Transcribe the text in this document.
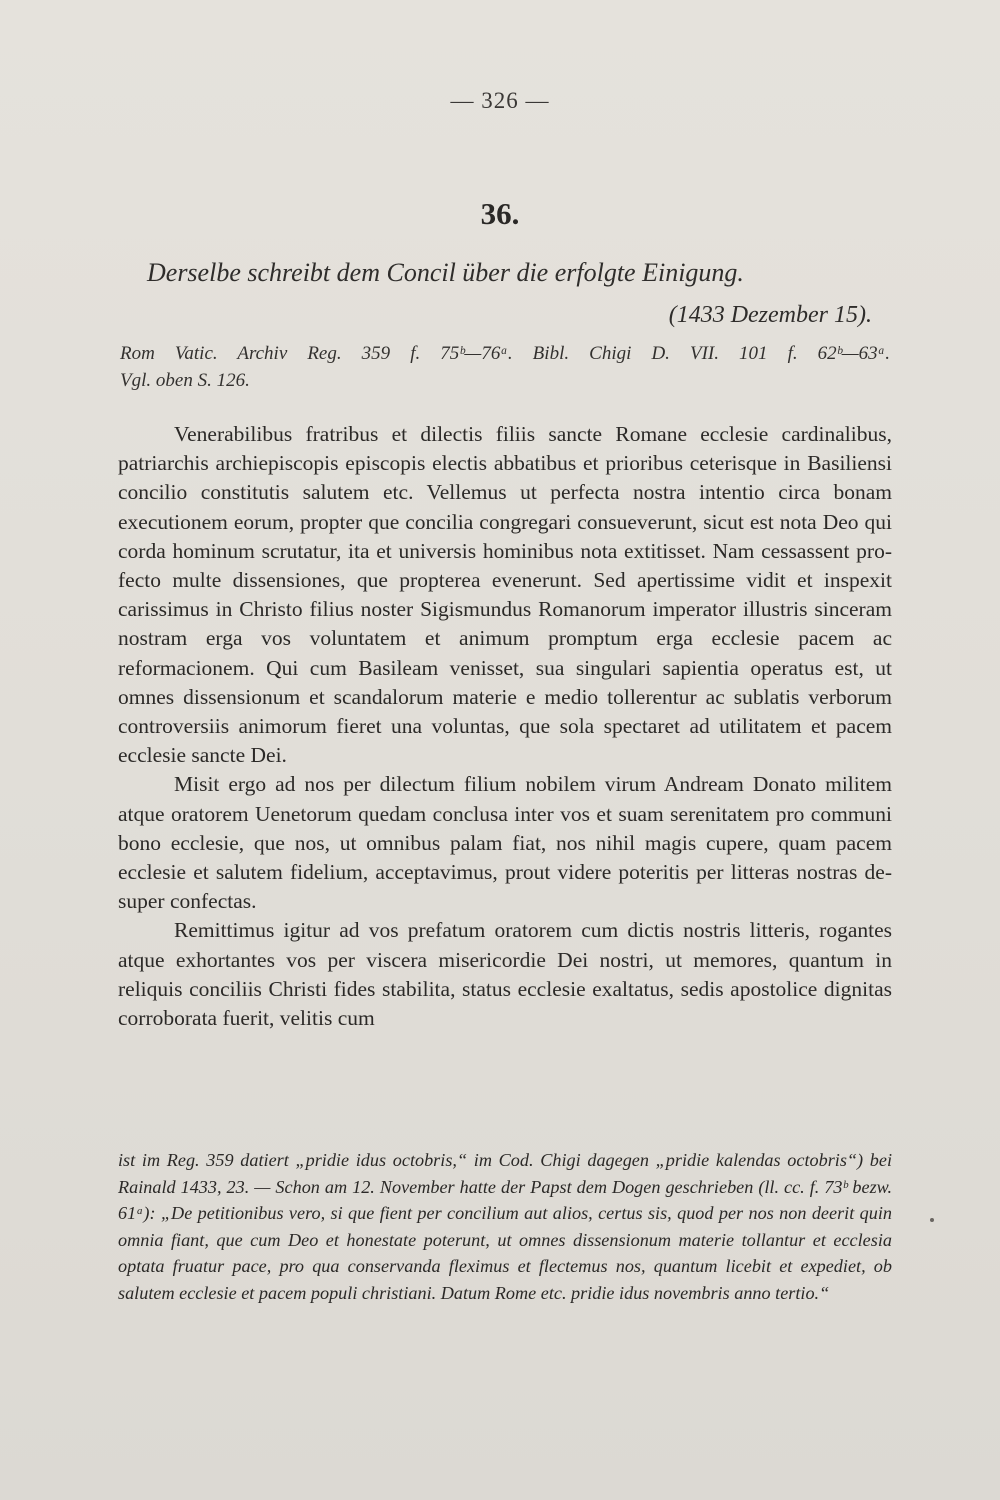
— 326 —
36.
Derselbe schreibt dem Concil über die erfolgte Einigung.
(1433 Dezember 15).
Rom Vatic. Archiv Reg. 359 f. 75ᵇ—76ᵃ. Bibl. Chigi D. VII. 101 f. 62ᵇ—63ᵃ.
Vgl. oben S. 126.

Venerabilibus fratribus et dilectis filiis sancte Romane ecclesie cardinalibus, patriarchis archiepiscopis episcopis electis abbatibus et prioribus ceterisque in Basiliensi concilio constitutis salutem etc. Vellemus ut perfecta nostra intentio circa bonam executionem eorum, propter que concilia congregari consueverunt, sicut est nota Deo qui corda hominum scrutatur, ita et universis hominibus nota extitisset. Nam cessassent profecto multe dissensiones, que propterea evenerunt. Sed apertissime vidit et inspexit carissimus in Christo filius noster Sigismundus Romanorum imperator illustris sinceram nostram erga vos voluntatem et animum promptum erga ecclesie pacem ac reformacionem. Qui cum Basileam venisset, sua singulari sapientia operatus est, ut omnes dissensionum et scandalorum materie e medio tollerentur ac sublatis verborum controversiis animorum fieret una voluntas, que sola spectaret ad utilitatem et pacem ecclesie sancte Dei.

Misit ergo ad nos per dilectum filium nobilem virum Andream Donato militem atque oratorem Uenetorum quedam conclusa inter vos et suam serenitatem pro communi bono ecclesie, que nos, ut omnibus palam fiat, nos nihil magis cupere, quam pacem ecclesie et salutem fidelium, acceptavimus, prout videre poteritis per litteras nostras desuper confectas.

Remittimus igitur ad vos prefatum oratorem cum dictis nostris litteris, rogantes atque exhortantes vos per viscera misericordie Dei nostri, ut memores, quantum in reliquis conciliis Christi fides stabilita, status ecclesie exaltatus, sedis apostolice dignitas corroborata fuerit, velitis cum

ist im Reg. 359 datiert „pridie idus octobris,“ im Cod. Chigi dagegen „pridie kalendas octobris“) bei Rainald 1433, 23. — Schon am 12. November hatte der Papst dem Dogen geschrieben (ll. cc. f. 73ᵇ bezw. 61ᵃ): „De petitionibus vero, si que fient per concilium aut alios, certus sis, quod per nos non deerit quin omnia fiant, que cum Deo et honestate poterunt, ut omnes dissensionum materie tollantur et ecclesia optata fruatur pace, pro qua conservanda fleximus et flectemus nos, quantum licebit et expediet, ob salutem ecclesie et pacem populi christiani. Datum Rome etc. pridie idus novembris anno tertio.“
